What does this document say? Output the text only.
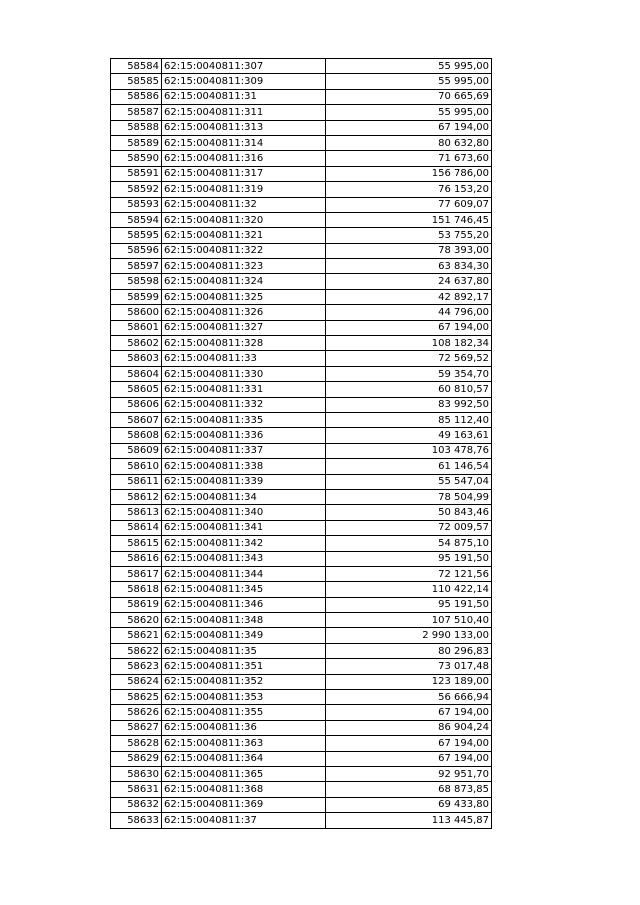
58584	62:15:0040811:307	55 995,00
58585	62:15:0040811:309	55 995,00
58586	62:15:0040811:31	70 665,69
58587	62:15:0040811:311	55 995,00
58588	62:15:0040811:313	67 194,00
58589	62:15:0040811:314	80 632,80
58590	62:15:0040811:316	71 673,60
58591	62:15:0040811:317	156 786,00
58592	62:15:0040811:319	76 153,20
58593	62:15:0040811:32	77 609,07
58594	62:15:0040811:320	151 746,45
58595	62:15:0040811:321	53 755,20
58596	62:15:0040811:322	78 393,00
58597	62:15:0040811:323	63 834,30
58598	62:15:0040811:324	24 637,80
58599	62:15:0040811:325	42 892,17
58600	62:15:0040811:326	44 796,00
58601	62:15:0040811:327	67 194,00
58602	62:15:0040811:328	108 182,34
58603	62:15:0040811:33	72 569,52
58604	62:15:0040811:330	59 354,70
58605	62:15:0040811:331	60 810,57
58606	62:15:0040811:332	83 992,50
58607	62:15:0040811:335	85 112,40
58608	62:15:0040811:336	49 163,61
58609	62:15:0040811:337	103 478,76
58610	62:15:0040811:338	61 146,54
58611	62:15:0040811:339	55 547,04
58612	62:15:0040811:34	78 504,99
58613	62:15:0040811:340	50 843,46
58614	62:15:0040811:341	72 009,57
58615	62:15:0040811:342	54 875,10
58616	62:15:0040811:343	95 191,50
58617	62:15:0040811:344	72 121,56
58618	62:15:0040811:345	110 422,14
58619	62:15:0040811:346	95 191,50
58620	62:15:0040811:348	107 510,40
58621	62:15:0040811:349	2 990 133,00
58622	62:15:0040811:35	80 296,83
58623	62:15:0040811:351	73 017,48
58624	62:15:0040811:352	123 189,00
58625	62:15:0040811:353	56 666,94
58626	62:15:0040811:355	67 194,00
58627	62:15:0040811:36	86 904,24
58628	62:15:0040811:363	67 194,00
58629	62:15:0040811:364	67 194,00
58630	62:15:0040811:365	92 951,70
58631	62:15:0040811:368	68 873,85
58632	62:15:0040811:369	69 433,80
58633	62:15:0040811:37	113 445,87
